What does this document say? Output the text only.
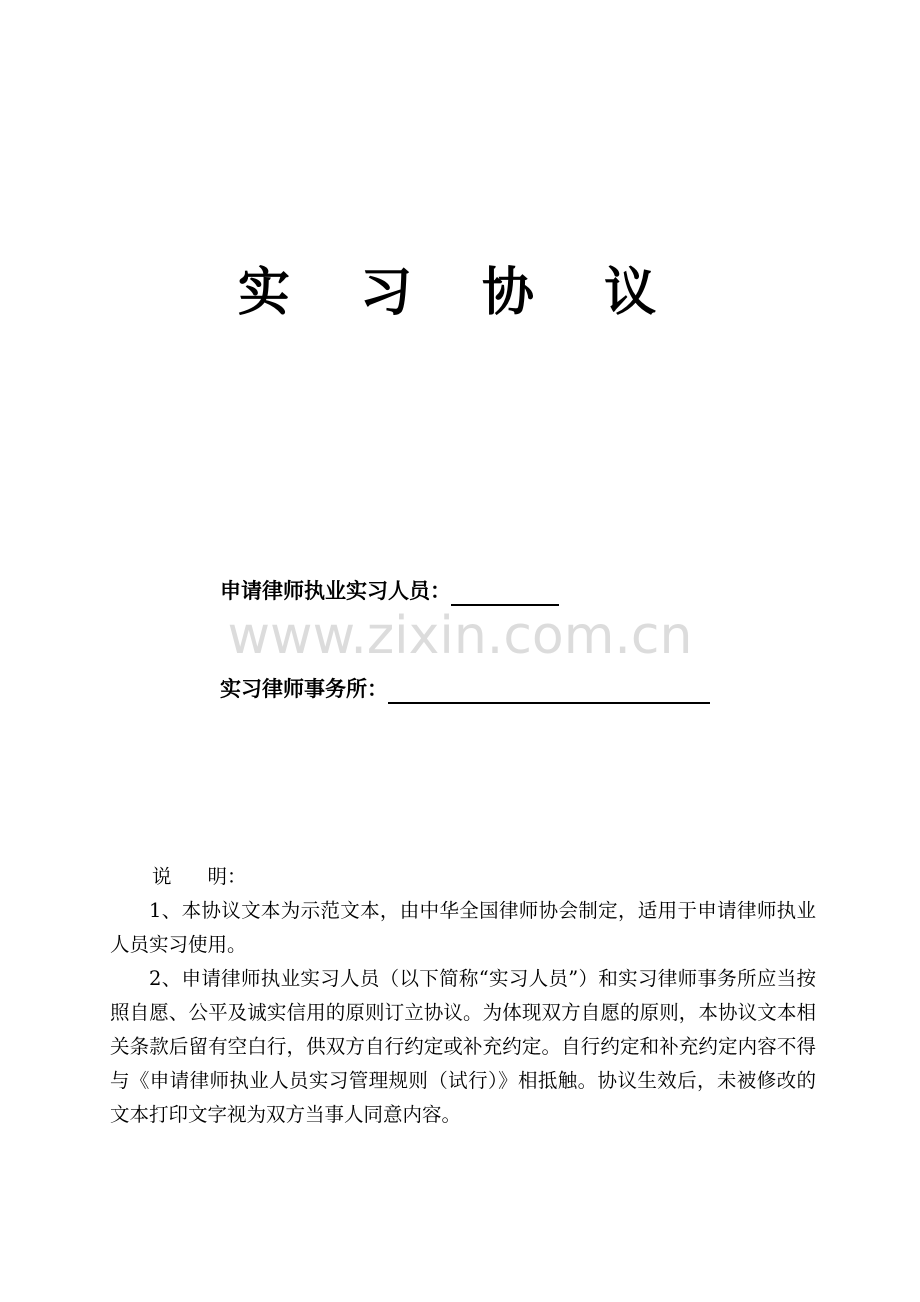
实 习 协 议
申请律师执业实习人员：
www.zixin.com.cn
实习律师事务所：
说 明：

1、本协议文本为示范文本，由中华全国律师协会制定，适用于申请律师执业人员实习使用。

2、申请律师执业实习人员（以下简称“实习人员”）和实习律师事务所应当按照自愿、公平及诚实信用的原则订立协议。为体现双方自愿的原则，本协议文本相关条款后留有空白行，供双方自行约定或补充约定。自行约定和补充约定内容不得与《申请律师执业人员实习管理规则（试行）》相抵触。协议生效后，未被修改的文本打印文字视为双方当事人同意内容。
